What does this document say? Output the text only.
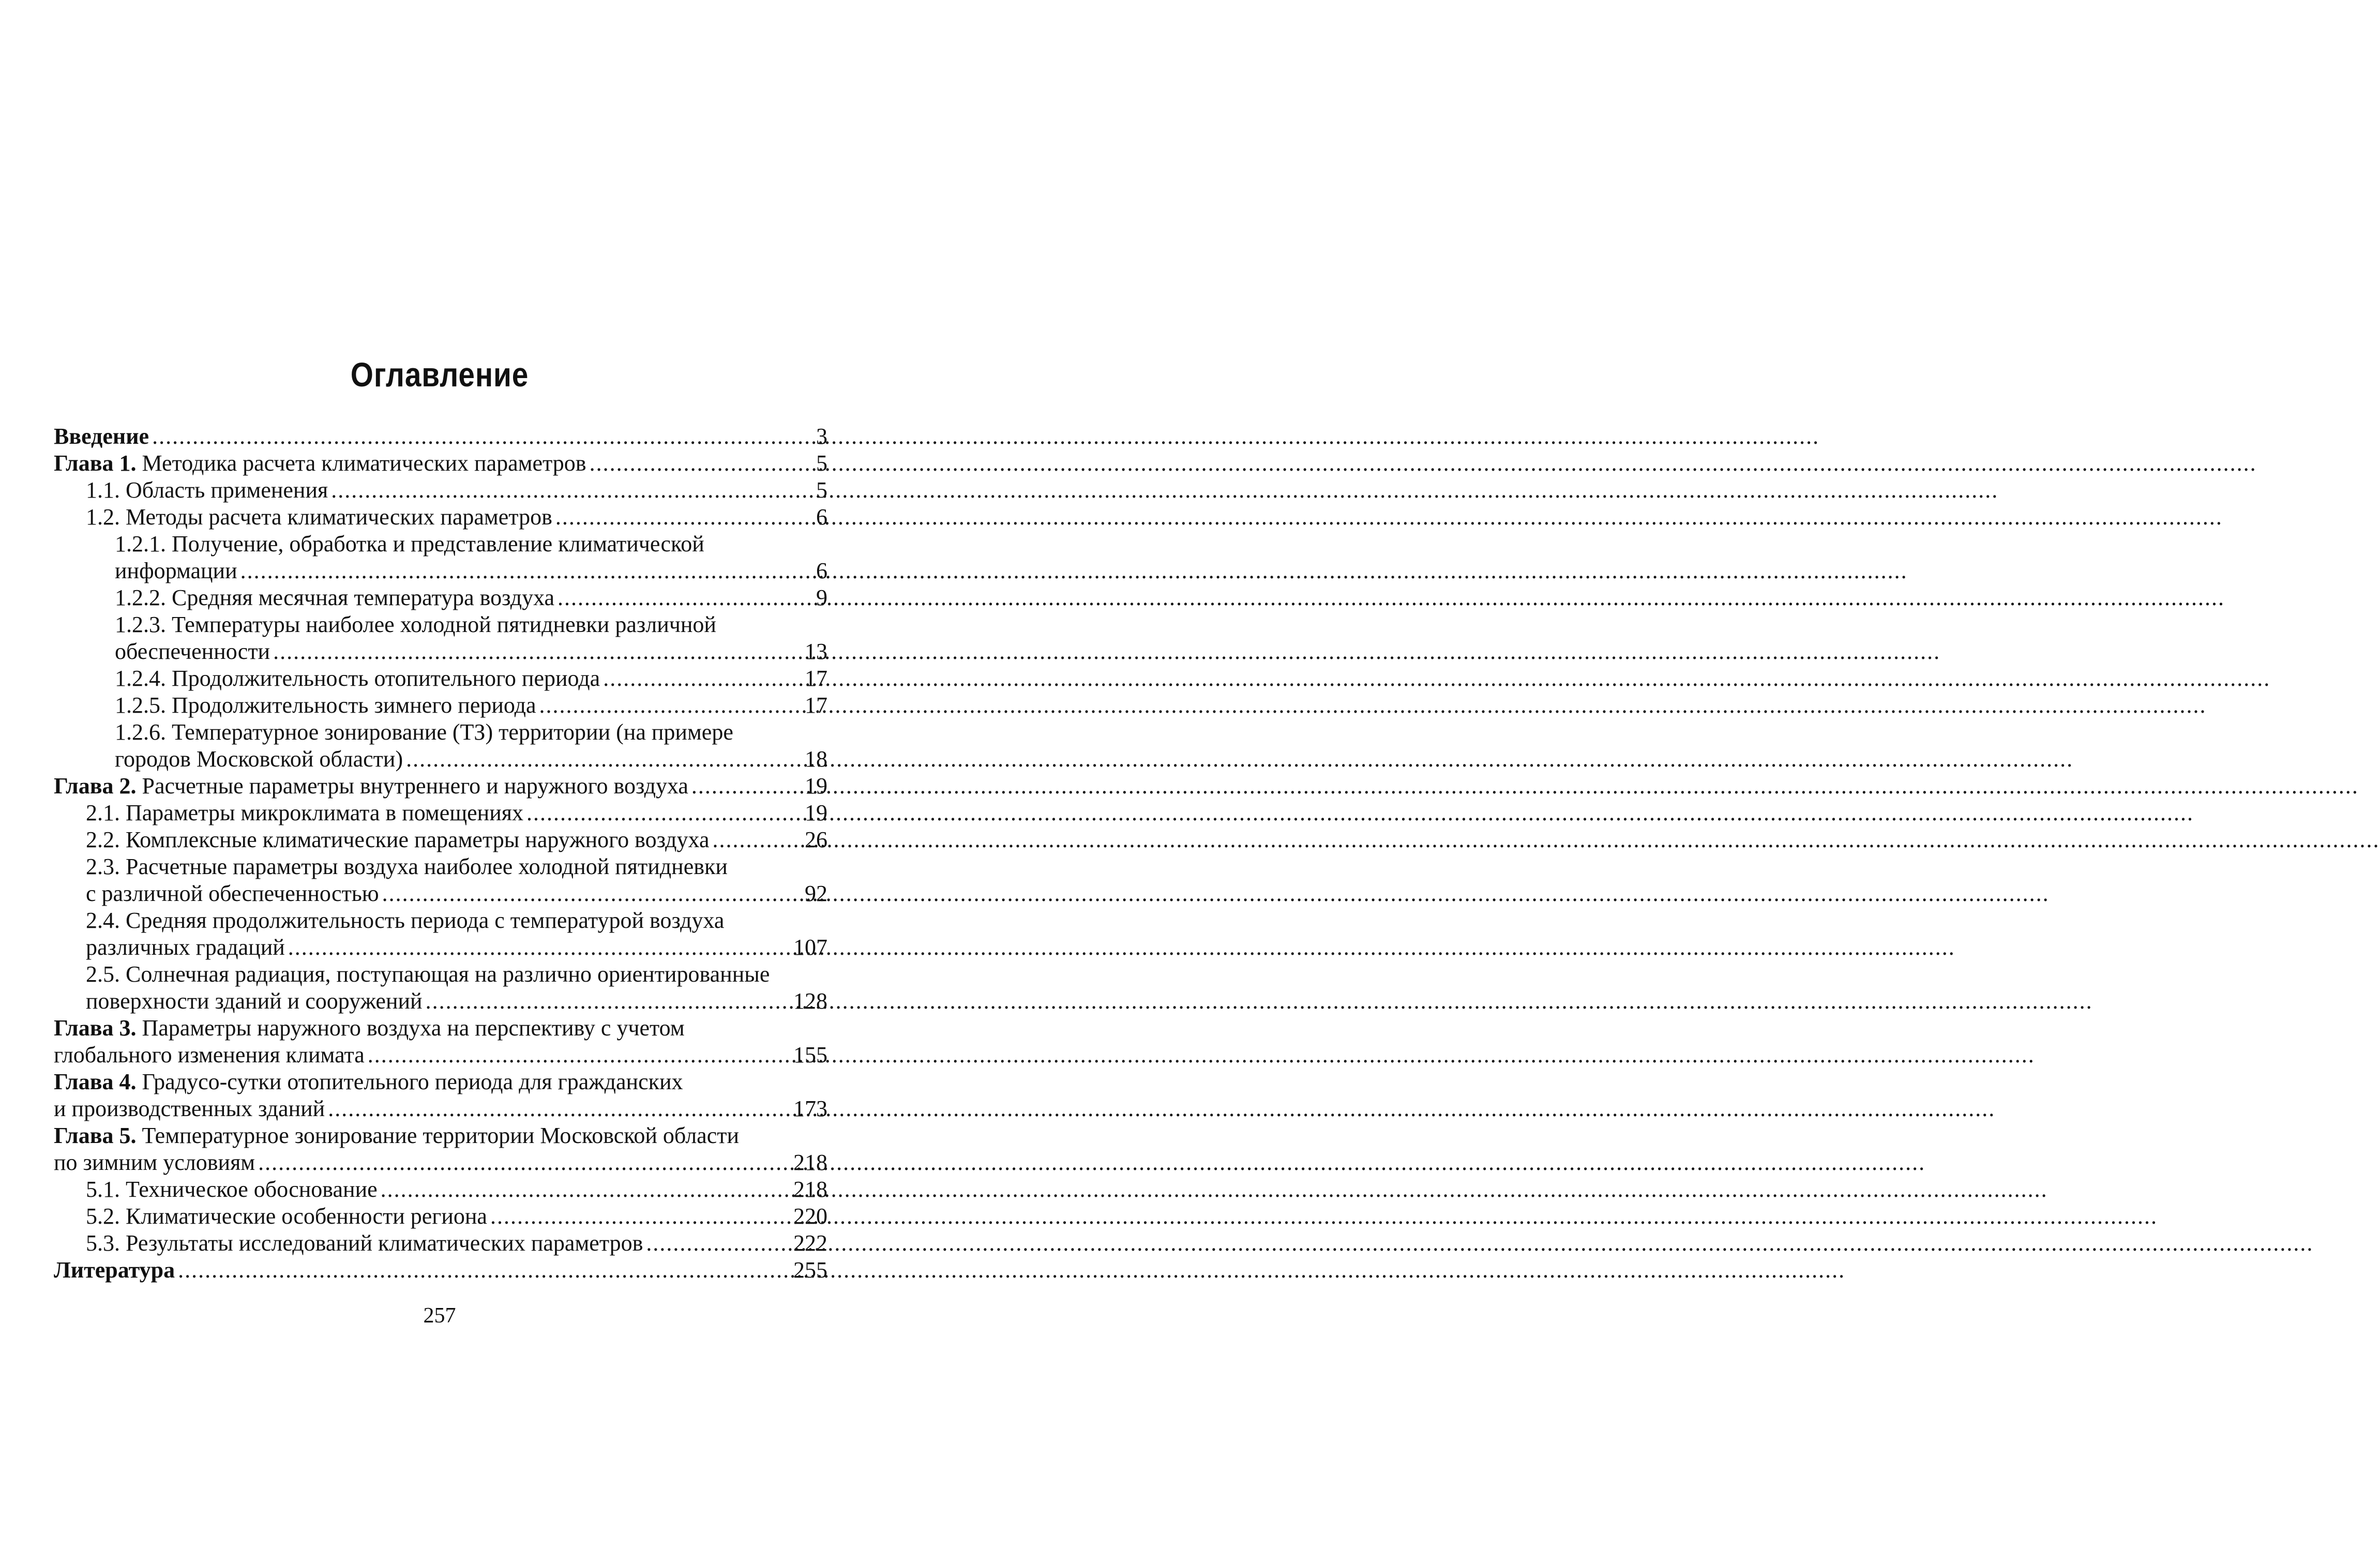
Оглавление
Введение .....	3
Глава 1. Методика расчета климатических параметров .....	5
1.1. Область применения .....	5
1.2. Методы расчета климатических параметров .....	6
1.2.1. Получение, обработка и представление климатической
информации .....	6
1.2.2. Средняя месячная температура воздуха .....	9
1.2.3. Температуры наиболее холодной пятидневки различной
обеспеченности .....	13
1.2.4. Продолжительность отопительного периода .....	17
1.2.5. Продолжительность зимнего периода .....	17
1.2.6. Температурное зонирование (ТЗ) территории (на примере
городов Московской области) .....	18
Глава 2. Расчетные параметры внутреннего и наружного воздуха .....	19
2.1. Параметры микроклимата в помещениях .....	19
2.2. Комплексные климатические параметры наружного воздуха .....	26
2.3. Расчетные параметры воздуха наиболее холодной пятидневки
с различной обеспеченностью .....	92
2.4. Средняя продолжительность периода с температурой воздуха
различных градаций .....	107
2.5. Солнечная радиация, поступающая на различно ориентированные
поверхности зданий и сооружений .....	128
Глава 3. Параметры наружного воздуха на перспективу с учетом
глобального изменения климата .....	155
Глава 4. Градусо-сутки отопительного периода для гражданских
и производственных зданий .....	173
Глава 5. Температурное зонирование территории Московской области
по зимним условиям .....	218
5.1. Техническое обоснование .....	218
5.2. Климатические особенности региона .....	220
5.3. Результаты исследований климатических параметров .....	222
Литература .....	255
257
